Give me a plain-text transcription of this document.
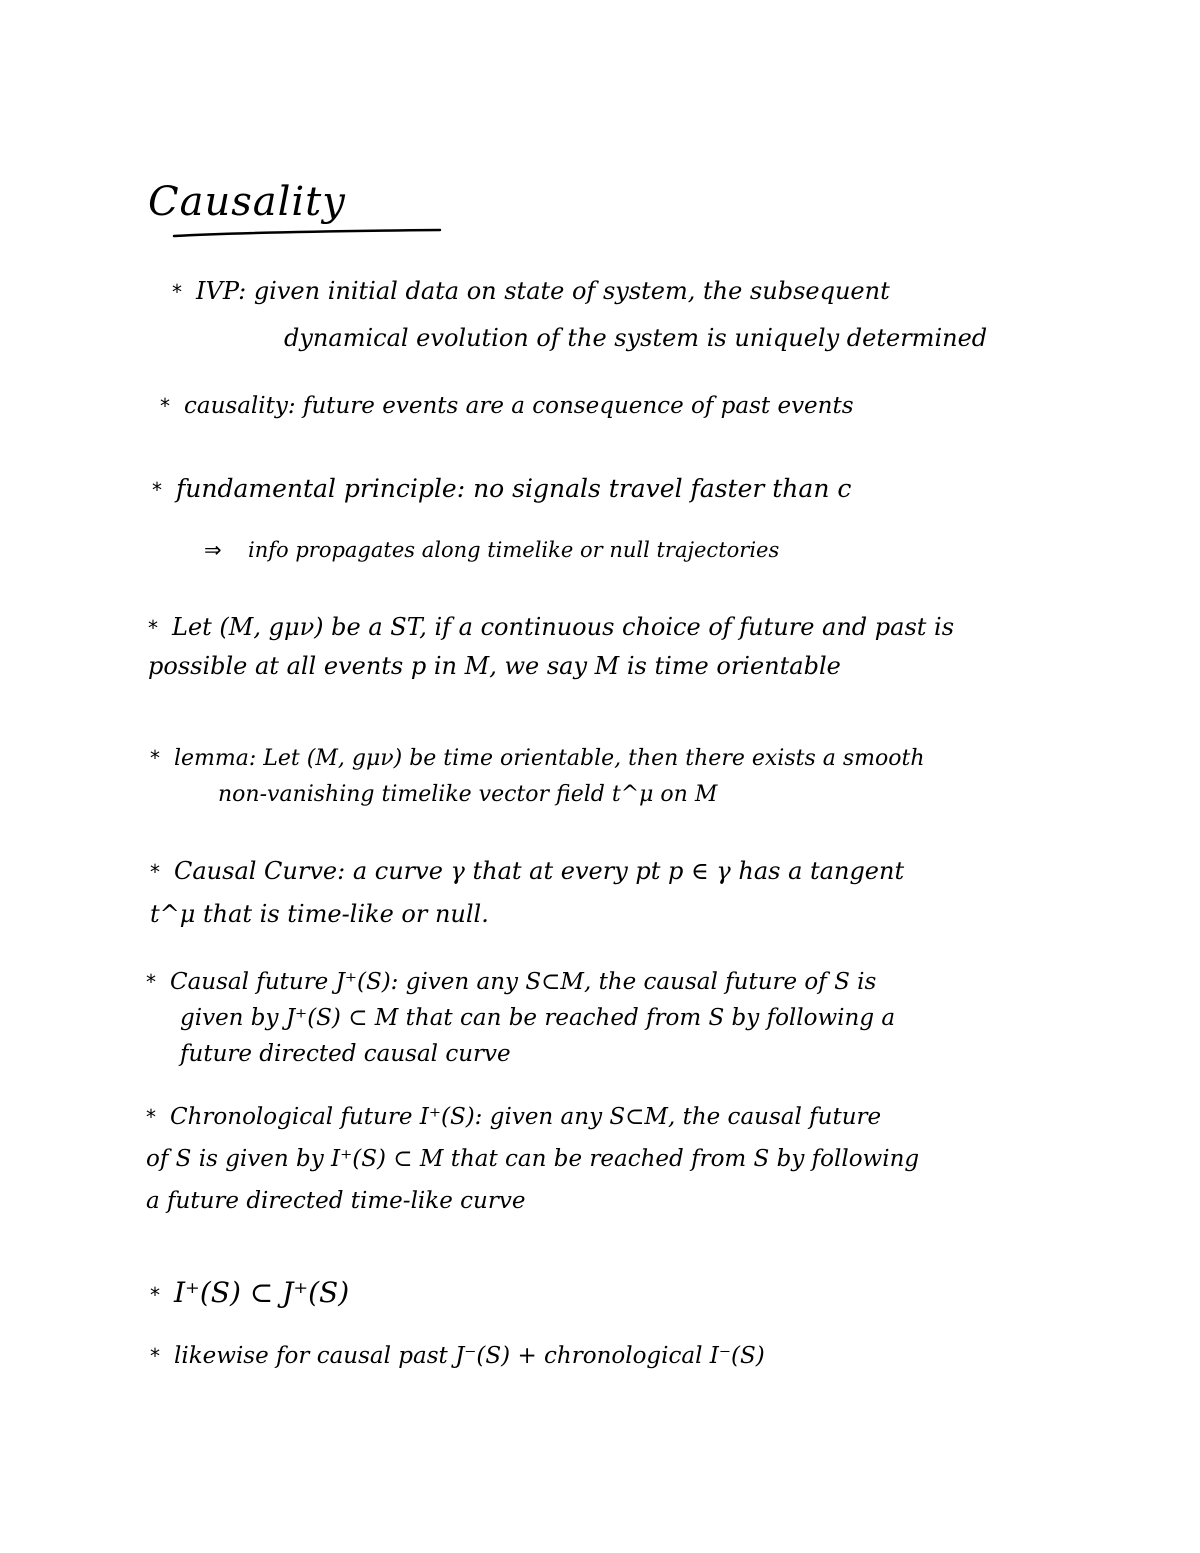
Causality
* IVP: given initial data on state of system, the subsequent
dynamical evolution of the system is uniquely determined
* causality: future events are a consequence of past events
* fundamental principle: no signals travel faster than c
⇒ info propagates along timelike or null trajectories
* Let (M, gμν) be a ST, if a continuous choice of future and past is
possible at all events p in M, we say M is time orientable
* lemma: Let (M, gμν) be time orientable, then there exists a smooth
non-vanishing timelike vector field t^μ on M
* Causal Curve: a curve γ that at every pt p ∈ γ has a tangent
t^μ that is time-like or null.
* Causal future J⁺(S): given any S⊂M, the causal future of S is
given by J⁺(S) ⊂ M that can be reached from S by following a
future directed causal curve
* Chronological future I⁺(S): given any S⊂M, the causal future
of S is given by I⁺(S) ⊂ M that can be reached from S by following
a future directed time-like curve
* I⁺(S) ⊂ J⁺(S)
* likewise for causal past J⁻(S) + chronological I⁻(S)
